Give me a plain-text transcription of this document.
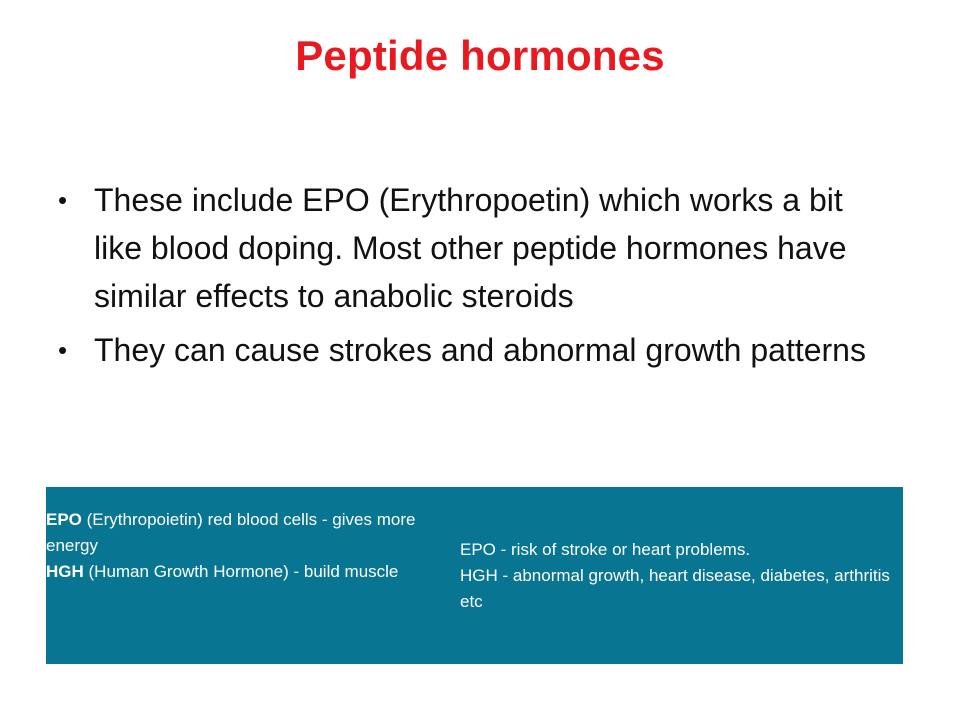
Peptide hormones
• These include EPO (Erythropoetin) which works a bit like blood doping. Most other peptide hormones have similar effects to anabolic steroids
• They can cause strokes and abnormal growth patterns
EPO (Erythropoietin) red blood cells - gives more energy
HGH (Human Growth Hormone) - build muscle
EPO - risk of stroke or heart problems.
HGH - abnormal growth, heart disease, diabetes, arthritis etc
